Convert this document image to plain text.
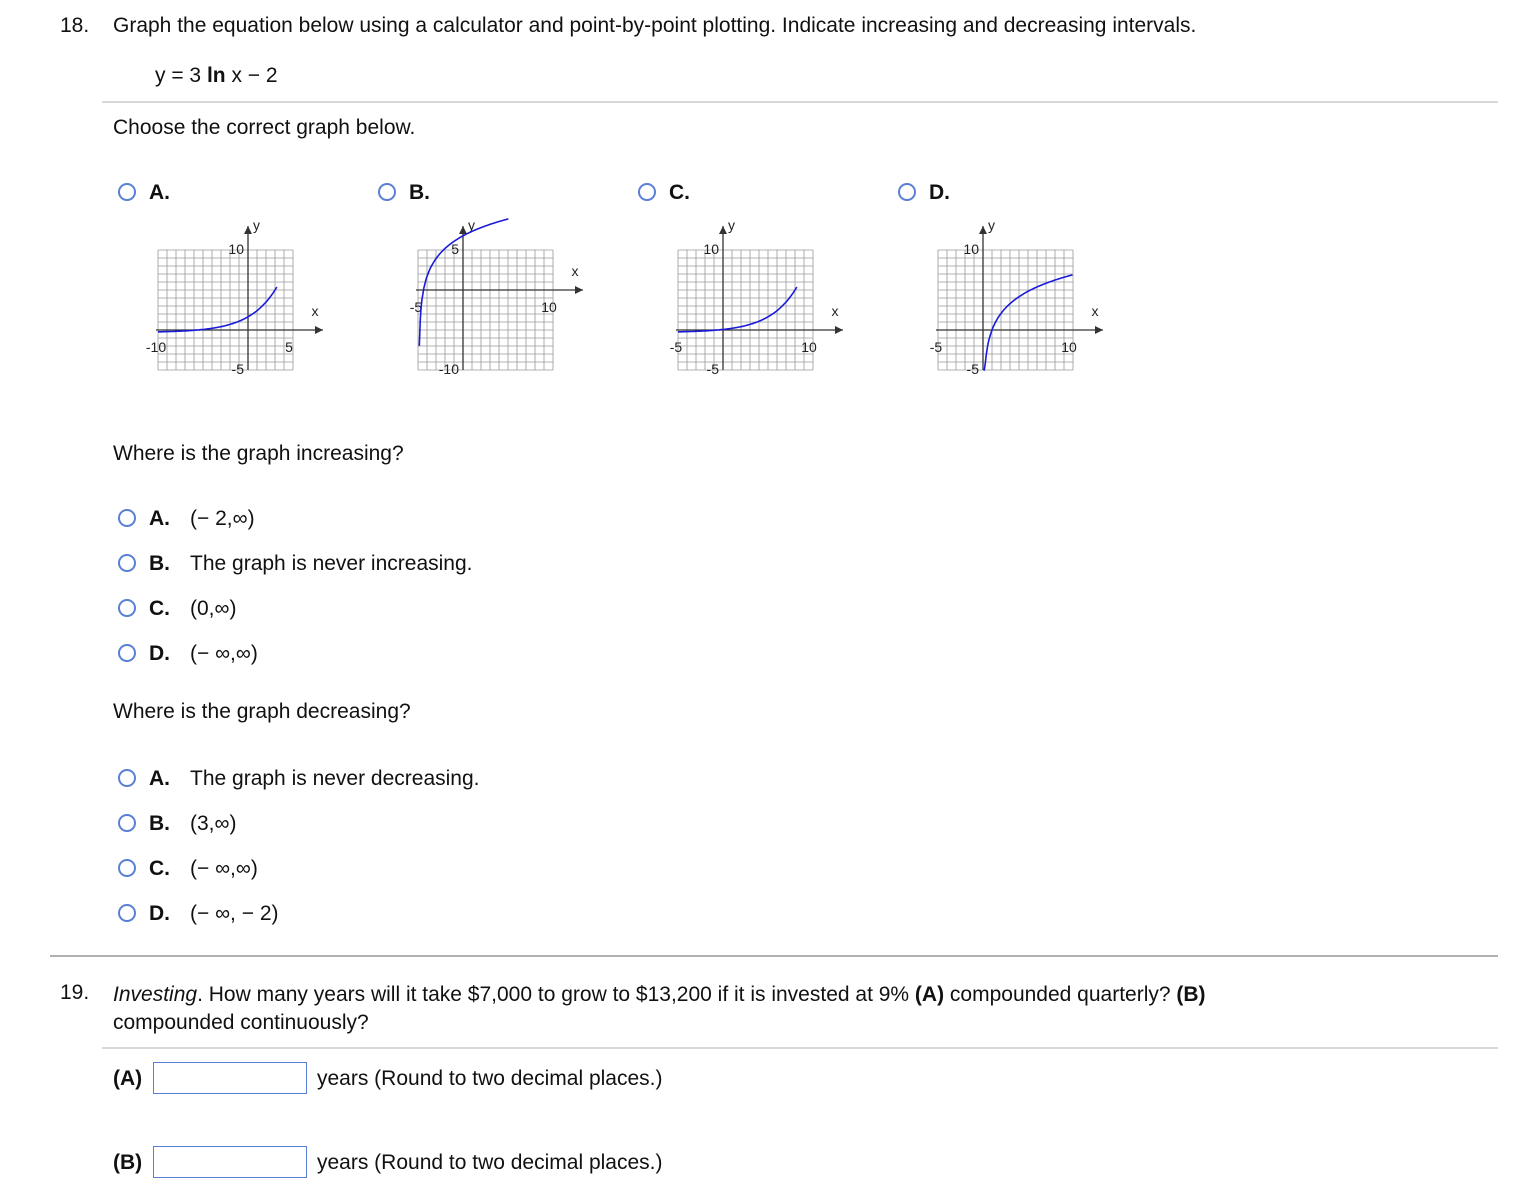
18. Graph the equation below using a calculator and point-by-point plotting. Indicate increasing and decreasing intervals.
y = 3 ln x − 2
Choose the correct graph below.
A.
y
x
10
-5
-10	5
B.
y
x
5
-10
-5	10
C.
y
x
10
-5
-5	10
D.
y
x
10
-5
-5	10
Where is the graph increasing?
A. (− 2,∞)
B. The graph is never increasing.
C. (0,∞)
D. (− ∞,∞)
Where is the graph decreasing?
A. The graph is never decreasing.
B. (3,∞)
C. (− ∞,∞)
D. (− ∞, − 2)
19. Investing. How many years will it take $7,000 to grow to $13,200 if it is invested at 9% (A) compounded quarterly? (B)
compounded continuously?
(A)	years (Round to two decimal places.)
(B)	years (Round to two decimal places.)
